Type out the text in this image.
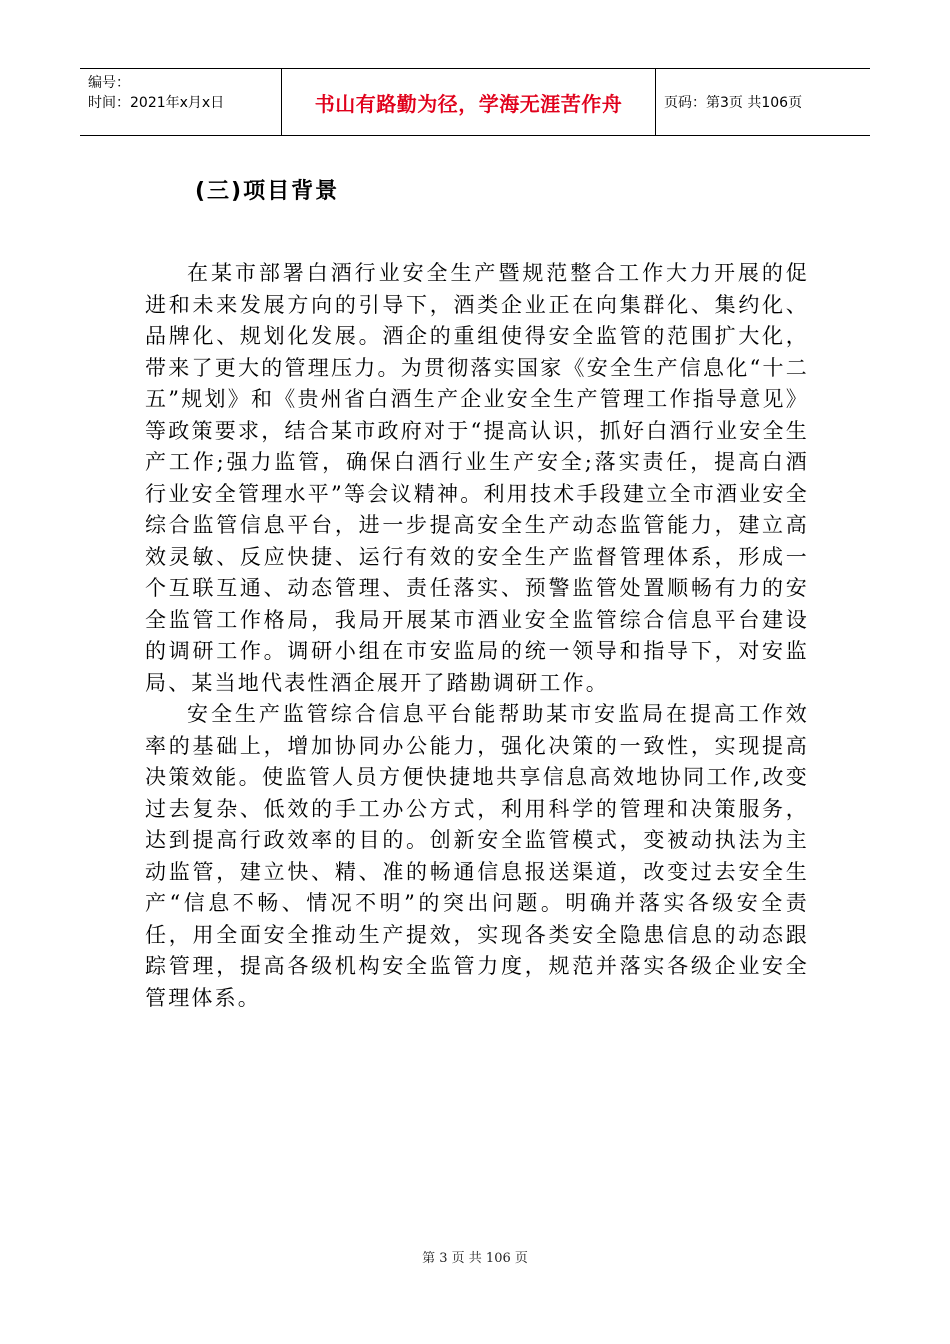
编号：
时间：2021年x月x日	书山有路勤为径，学海无涯苦作舟	页码：第3页 共106页
(三)项目背景

在某市部署白酒行业安全生产暨规范整合工作大力开展的促进和未来发展方向的引导下，酒类企业正在向集群化、集约化、品牌化、规划化发展。酒企的重组使得安全监管的范围扩大化，带来了更大的管理压力。为贯彻落实国家《安全生产信息化“十二五”规划》和《贵州省白酒生产企业安全生产管理工作指导意见》等政策要求，结合某市政府对于“提高认识，抓好白酒行业安全生产工作;强力监管，确保白酒行业生产安全;落实责任，提高白酒行业安全管理水平”等会议精神。利用技术手段建立全市酒业安全综合监管信息平台，进一步提高安全生产动态监管能力，建立高效灵敏、反应快捷、运行有效的安全生产监督管理体系，形成一个互联互通、动态管理、责任落实、预警监管处置顺畅有力的安全监管工作格局，我局开展某市酒业安全监管综合信息平台建设的调研工作。调研小组在市安监局的统一领导和指导下，对安监局、某当地代表性酒企展开了踏勘调研工作。

安全生产监管综合信息平台能帮助某市安监局在提高工作效率的基础上，增加协同办公能力，强化决策的一致性，实现提高决策效能。使监管人员方便快捷地共享信息高效地协同工作,改变过去复杂、低效的手工办公方式，利用科学的管理和决策服务，达到提高行政效率的目的。创新安全监管模式，变被动执法为主动监管，建立快、精、准的畅通信息报送渠道，改变过去安全生产“信息不畅、情况不明”的突出问题。明确并落实各级安全责任，用全面安全推动生产提效，实现各类安全隐患信息的动态跟踪管理，提高各级机构安全监管力度，规范并落实各级企业安全管理体系。

第 3 页 共 106 页
